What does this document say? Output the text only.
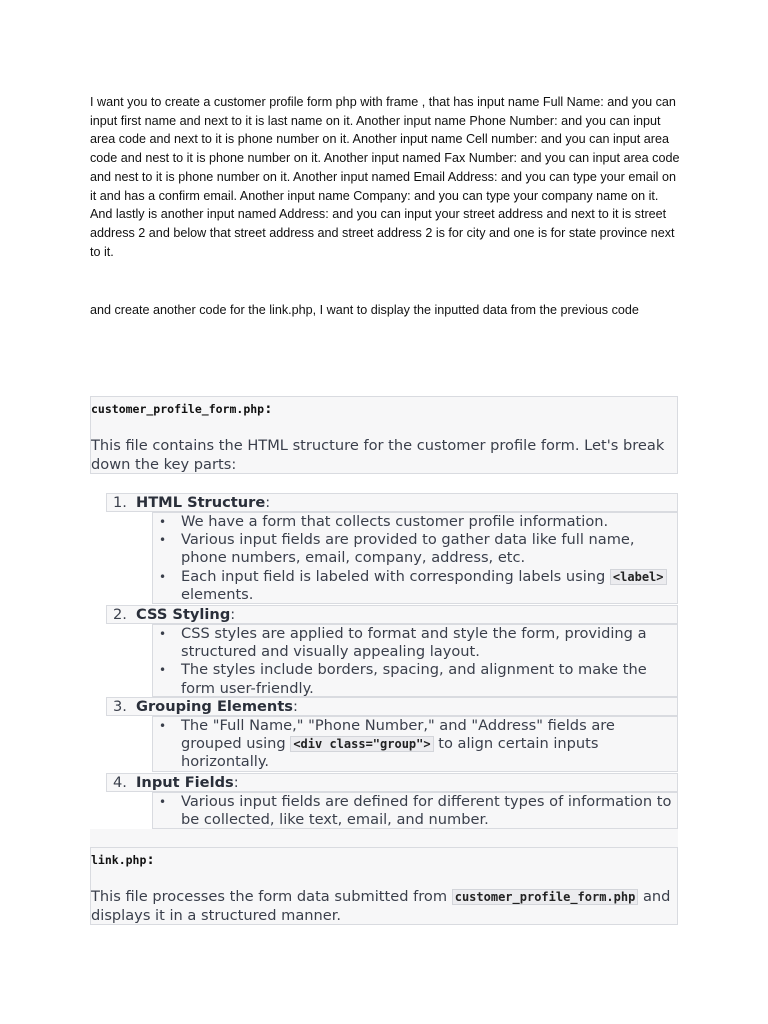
I want you to create a customer profile form php with frame , that has input name Full Name: and you can input first name and next to it is last name on it. Another input name Phone Number: and you can input area code and next to it is phone number on it. Another input name Cell number: and you can input area code and nest to it is phone number on it. Another input named Fax Number: and you can input area code and nest to it is phone number on it. Another input named Email Address: and you can type your email on it and has a confirm email. Another input name Company: and you can type your company name on it. And lastly is another input named Address: and you can input your street address and next to it is street address 2 and below that street address and street address 2 is for city and one is for state province next to it.

and create another code for the link.php, I want to display the inputted data from the previous code

customer_profile_form.php:

This file contains the HTML structure for the customer profile form. Let's break down the key parts:

1. HTML Structure:
• We have a form that collects customer profile information.
• Various input fields are provided to gather data like full name, phone numbers, email, company, address, etc.
• Each input field is labeled with corresponding labels using <label> elements.
2. CSS Styling:
• CSS styles are applied to format and style the form, providing a structured and visually appealing layout.
• The styles include borders, spacing, and alignment to make the form user-friendly.
3. Grouping Elements:
• The "Full Name," "Phone Number," and "Address" fields are grouped using <div class="group"> to align certain inputs horizontally.
4. Input Fields:
• Various input fields are defined for different types of information to be collected, like text, email, and number.

link.php:

This file processes the form data submitted from customer_profile_form.php and displays it in a structured manner.
